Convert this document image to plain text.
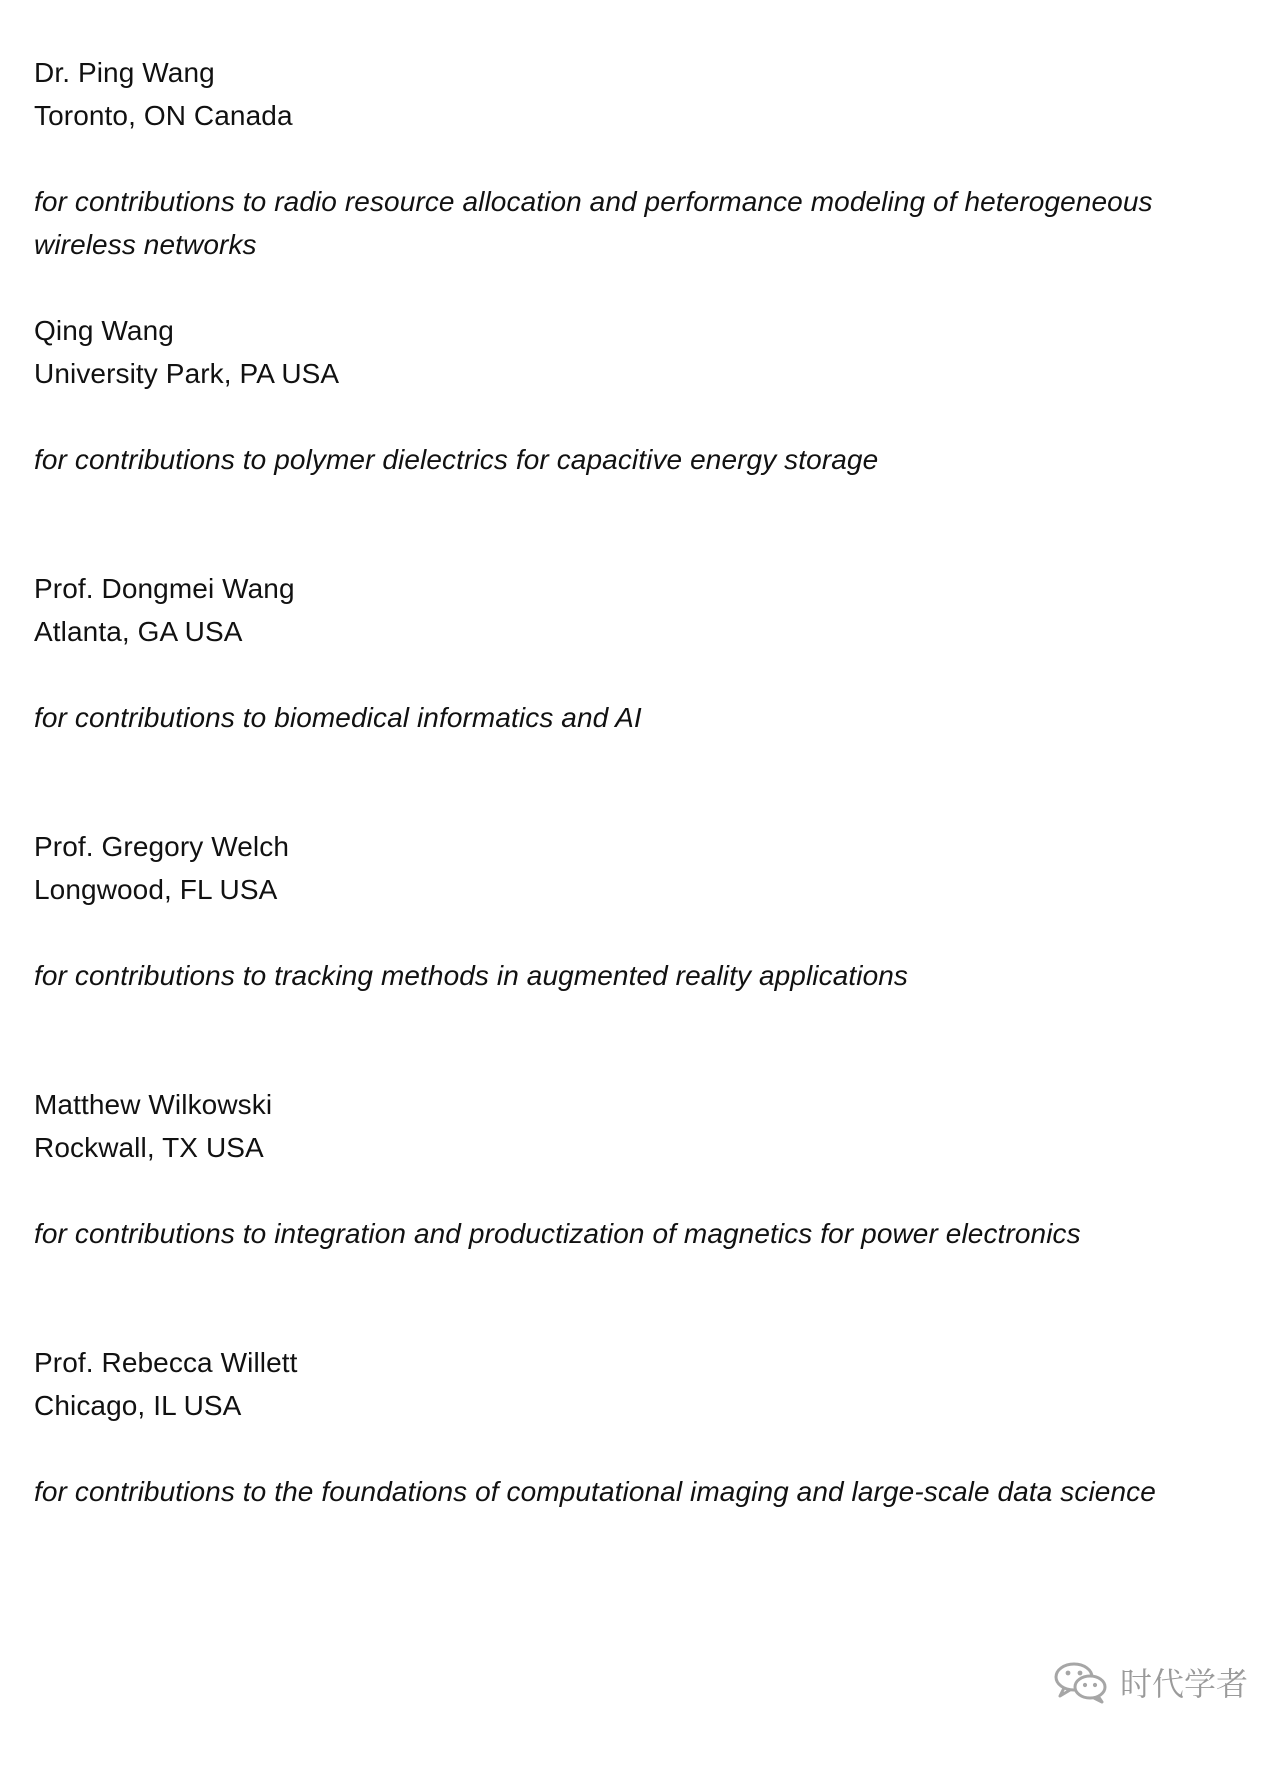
Dr. Ping Wang
Toronto, ON Canada
for contributions to radio resource allocation and performance modeling of heterogeneous wireless networks
Qing Wang
University Park, PA USA
for contributions to polymer dielectrics for capacitive energy storage
Prof. Dongmei Wang
Atlanta, GA USA
for contributions to biomedical informatics and AI
Prof. Gregory Welch
Longwood, FL USA
for contributions to tracking methods in augmented reality applications
Matthew Wilkowski
Rockwall, TX USA
for contributions to integration and productization of magnetics for power electronics
Prof. Rebecca Willett
Chicago, IL USA
for contributions to the foundations of computational imaging and large-scale data science
时代学者
